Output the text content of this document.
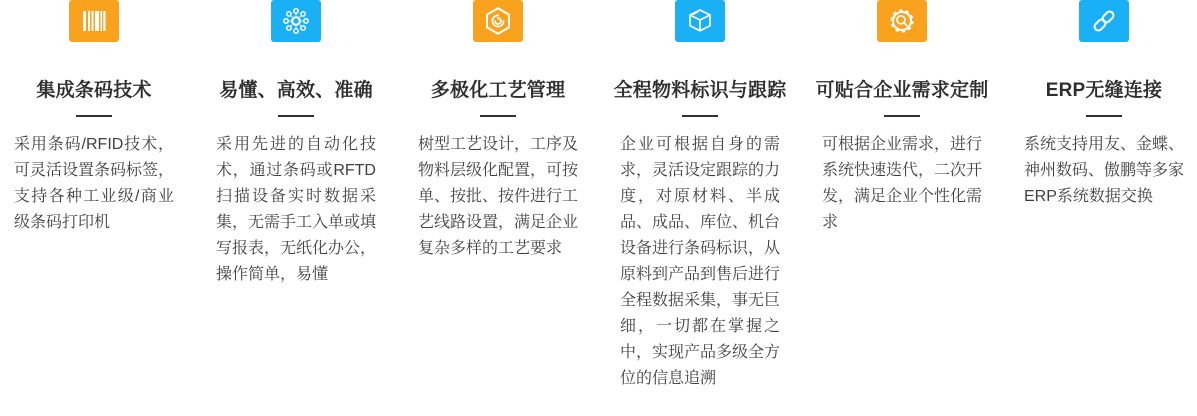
集成条码技术

采用条码/RFID技术，可灵活设置条码标签，支持各种工业级/商业级条码打印机

易懂、高效、准确

采用先进的自动化技术，通过条码或RFTD扫描设备实时数据采集，无需手工入单或填写报表，无纸化办公，操作简单，易懂

多极化工艺管理

树型工艺设计，工序及物料层级化配置，可按单、按批、按件进行工艺线路设置，满足企业复杂多样的工艺要求

全程物料标识与跟踪

企业可根据自身的需求，灵活设定跟踪的力度，对原材料、半成品、成品、库位、机台设备进行条码标识，从原料到产品到售后进行全程数据采集，事无巨细，一切都在掌握之中，实现产品多级全方位的信息追溯

可贴合企业需求定制

可根据企业需求，进行系统快速迭代，二次开发，满足企业个性化需求

ERP无缝连接

系统支持用友、金蝶、神州数码、傲鹏等多家ERP系统数据交换
